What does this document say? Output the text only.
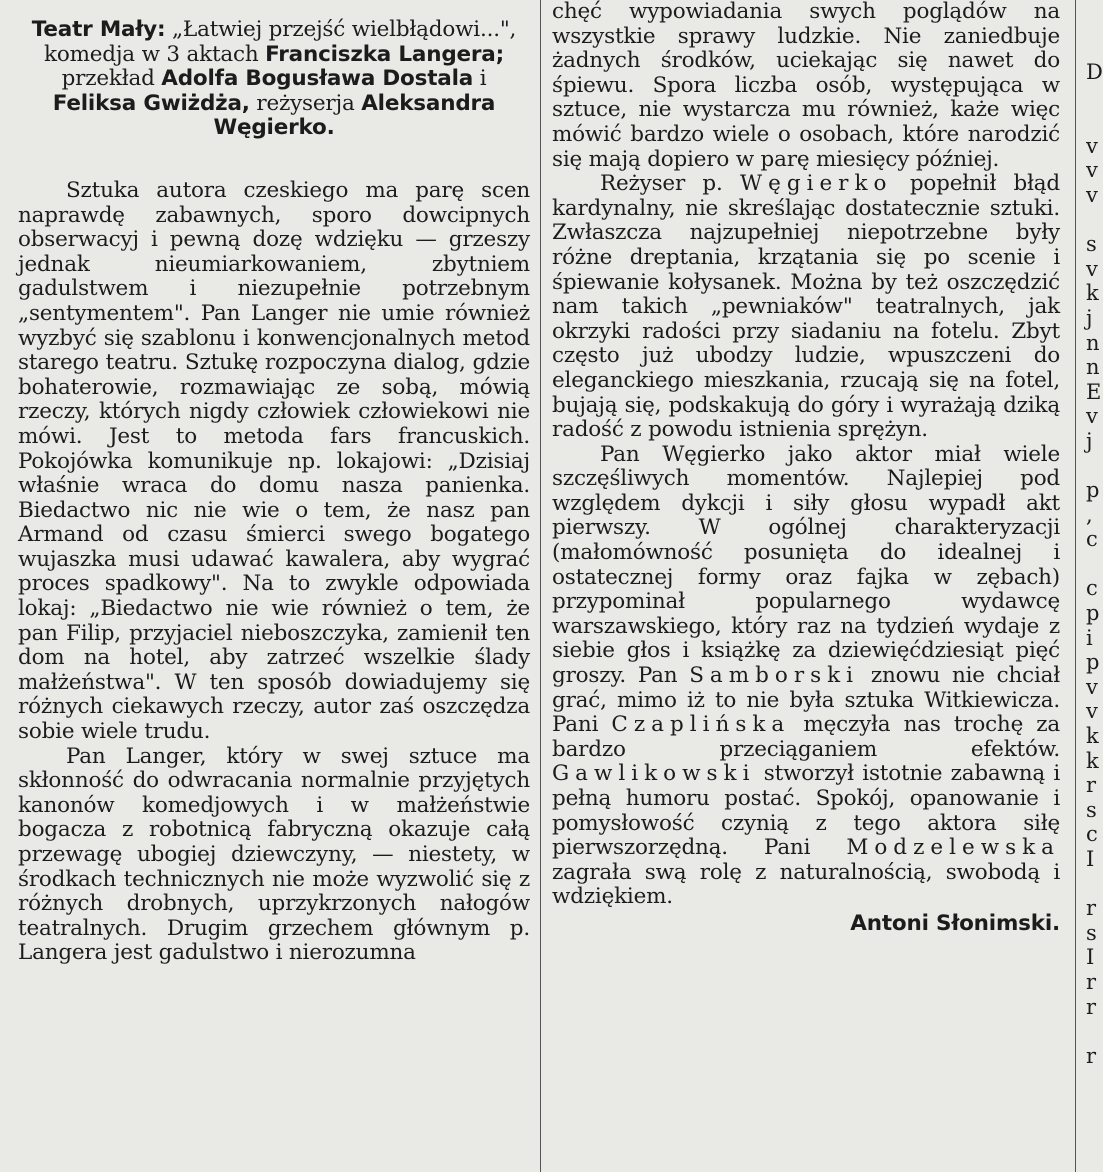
Teatr Mały: „Łatwiej przejść wielbłądowi...", komedja w 3 aktach Franciszka Langera; przekład Adolfa Bogusława Dostala i Feliksa Gwiżdża, reżyserja Aleksandra Węgierko.

Sztuka autora czeskiego ma parę scen naprawdę zabawnych, sporo dowcipnych obserwacyj i pewną dozę wdzięku — grzeszy jednak nieumiarkowaniem, zbytniem gadulstwem i niezupełnie potrzebnym „sentymentem". Pan Langer nie umie również wyzbyć się szablonu i konwencjonalnych metod starego teatru. Sztukę rozpoczyna dialog, gdzie bohaterowie, rozmawiając ze sobą, mówią rzeczy, których nigdy człowiek człowiekowi nie mówi. Jest to metoda fars francuskich. Pokojówka komunikuje np. lokajowi: „Dzisiaj właśnie wraca do domu nasza panienka. Biedactwo nic nie wie o tem, że nasz pan Armand od czasu śmierci swego bogatego wujaszka musi udawać kawalera, aby wygrać proces spadkowy". Na to zwykle odpowiada lokaj: „Biedactwo nie wie również o tem, że pan Filip, przyjaciel nieboszczyka, zamienił ten dom na hotel, aby zatrzeć wszelkie ślady małżeństwa". W ten sposób dowiadujemy się różnych ciekawych rzeczy, autor zaś oszczędza sobie wiele trudu.

Pan Langer, który w swej sztuce ma skłonność do odwracania normalnie przyjętych kanonów komedjowych i w małżeństwie bogacza z robotnicą fabryczną okazuje całą przewagę ubogiej dziewczyny, — niestety, w środkach technicznych nie może wyzwolić się z różnych drobnych, uprzykrzonych nałogów teatralnych. Drugim grzechem głównym p. Langera jest gadulstwo i nierozumna

chęć wypowiadania swych poglądów na wszystkie sprawy ludzkie. Nie zaniedbuje żadnych środków, uciekając się nawet do śpiewu. Spora liczba osób, występująca w sztuce, nie wystarcza mu również, każe więc mówić bardzo wiele o osobach, które narodzić się mają dopiero w parę miesięcy później.

Reżyser p. Węgierko popełnił błąd kardynalny, nie skreślając dostatecznie sztuki. Zwłaszcza najzupełniej niepotrzebne były różne dreptania, krzątania się po scenie i śpiewanie kołysanek. Można by też oszczędzić nam takich „pewniaków" teatralnych, jak okrzyki radości przy siadaniu na fotelu. Zbyt często już ubodzy ludzie, wpuszczeni do eleganckiego mieszkania, rzucają się na fotel, bujają się, podskakują do góry i wyrażają dziką radość z powodu istnienia sprężyn.

Pan Węgierko jako aktor miał wiele szczęśliwych momentów. Najlepiej pod względem dykcji i siły głosu wypadł akt pierwszy. W ogólnej charakteryzacji (małomówność posunięta do idealnej i ostatecznej formy oraz fajka w zębach) przypominał popularnego wydawcę warszawskiego, który raz na tydzień wydaje z siebie głos i książkę za dziewięćdziesiąt pięć groszy. Pan Samborski znowu nie chciał grać, mimo iż to nie była sztuka Witkiewicza. Pani Czaplińska męczyła nas trochę za bardzo przeciąganiem efektów. Gawlikowski stworzył istotnie zabawną i pełną humoru postać. Spokój, opanowanie i pomysłowość czynią z tego aktora siłę pierwszorzędną. Pani Modzelewska zagrała swą rolę z naturalnością, swobodą i wdziękiem.

Antoni Słonimski.
D

v
v
v

s
v
k
j
n
n
E
v
j

p
,
c

c
p
i
p
v
v
k
k
r
s
c
I

r
s
I
r
r

r
